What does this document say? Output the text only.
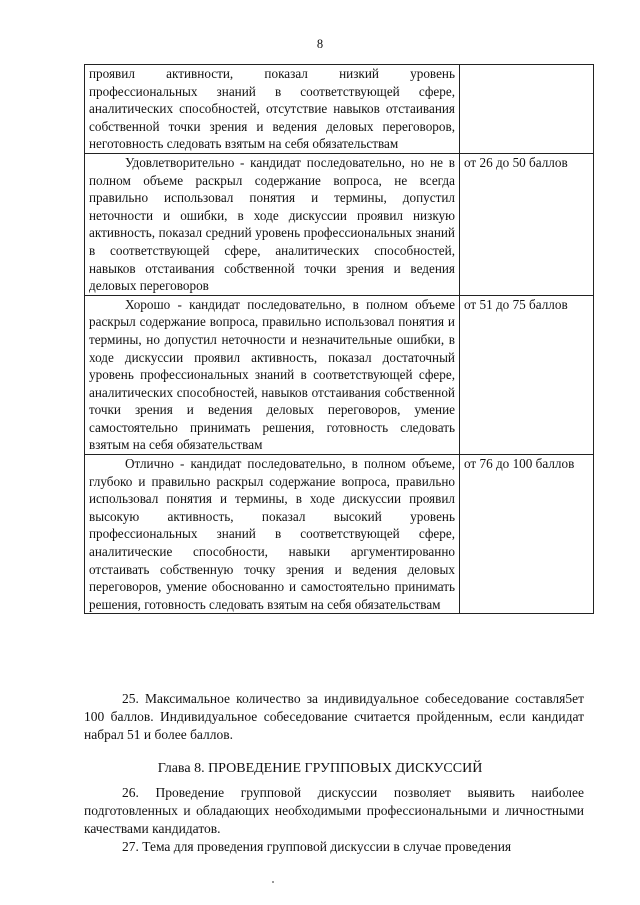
8
проявил активности, показал низкий уровень профессиональных знаний в соответствующей сфере, аналитических способностей, отсутствие навыков отстаивания собственной точки зрения и ведения деловых переговоров, неготовность следовать взятым на себя обязательствам	

Удовлетворительно - кандидат последовательно, но не в полном объеме раскрыл содержание вопроса, не всегда правильно использовал понятия и термины, допустил неточности и ошибки, в ходе дискуссии проявил низкую активность, показал средний уровень профессиональных знаний в соответствующей сфере, аналитических способностей, навыков отстаивания собственной точки зрения и ведения деловых переговоров	от 26 до 50 баллов

Хорошо - кандидат последовательно, в полном объеме раскрыл содержание вопроса, правильно использовал понятия и термины, но допустил неточности и незначительные ошибки, в ходе дискуссии проявил активность, показал достаточный уровень профессиональных знаний в соответствующей сфере, аналитических способностей, навыков отстаивания собственной точки зрения и ведения деловых переговоров, умение самостоятельно принимать решения, готовность следовать взятым на себя обязательствам	от 51 до 75 баллов

Отлично - кандидат последовательно, в полном объеме, глубоко и правильно раскрыл содержание вопроса, правильно использовал понятия и термины, в ходе дискуссии проявил высокую активность, показал высокий уровень профессиональных знаний в соответствующей сфере, аналитические способности, навыки аргументированно отстаивать собственную точку зрения и ведения деловых переговоров, умение обоснованно и самостоятельно принимать решения, готовность следовать взятым на себя обязательствам	от 76 до 100 баллов
25. Максимальное количество за индивидуальное собеседование составля5ет 100 баллов. Индивидуальное собеседование считается пройденным, если кандидат набрал 51 и более баллов.
Глава 8. ПРОВЕДЕНИЕ ГРУППОВЫХ ДИСКУССИЙ
26. Проведение групповой дискуссии позволяет выявить наиболее подготовленных и обладающих необходимыми профессиональными и личностными качествами кандидатов.
27. Тема для проведения групповой дискуссии в случае проведения
